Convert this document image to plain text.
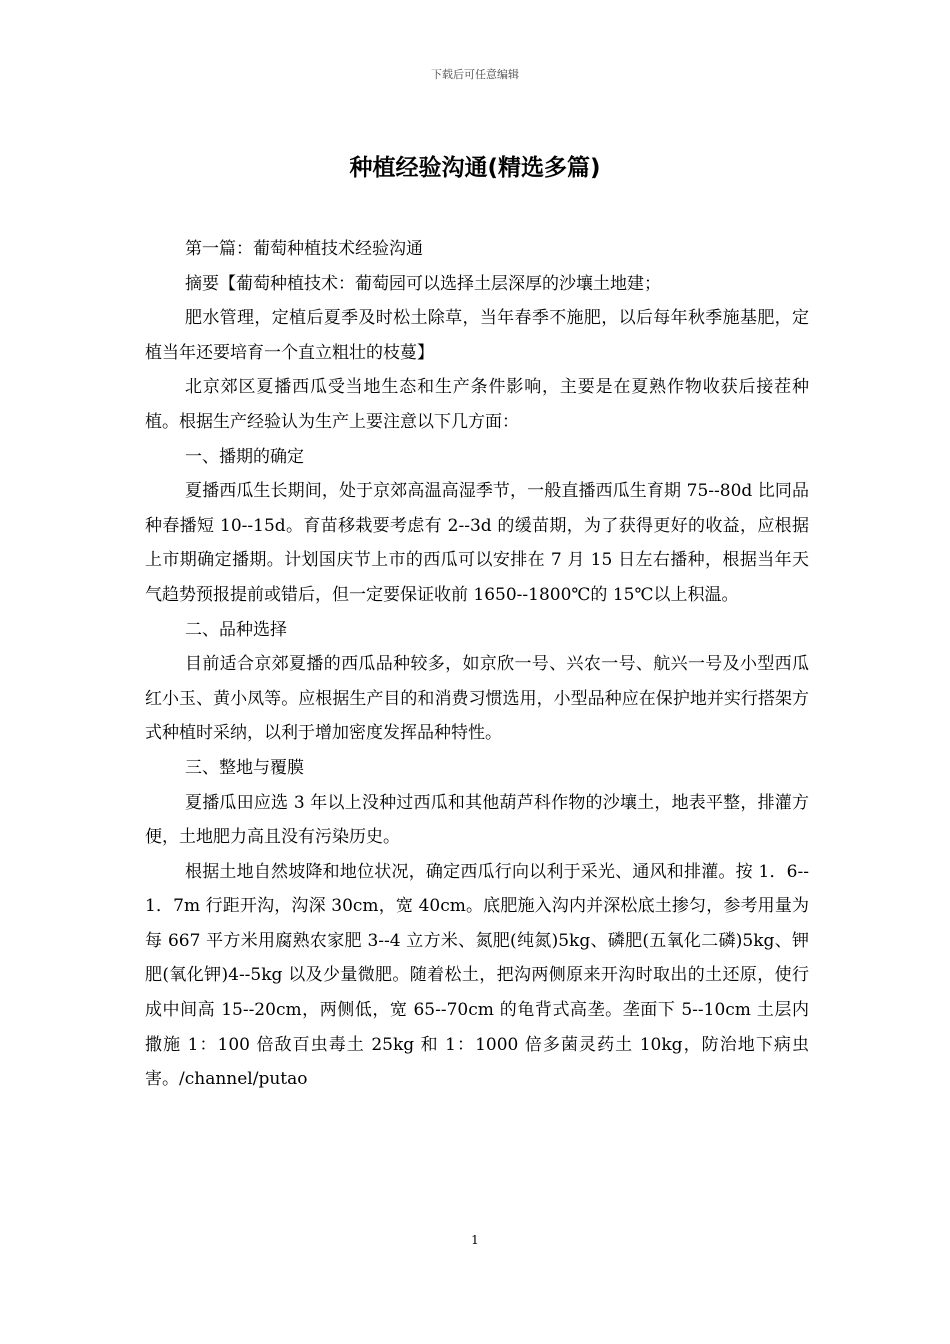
下载后可任意编辑
种植经验沟通(精选多篇)

第一篇：葡萄种植技术经验沟通

摘要【葡萄种植技术：葡萄园可以选择土层深厚的沙壤土地建；

肥水管理，定植后夏季及时松土除草，当年春季不施肥，以后每年秋季施基肥，定植当年还要培育一个直立粗壮的枝蔓】

北京郊区夏播西瓜受当地生态和生产条件影响，主要是在夏熟作物收获后接茬种植。根据生产经验认为生产上要注意以下几方面：

一、播期的确定

夏播西瓜生长期间，处于京郊高温高湿季节，一般直播西瓜生育期 75--80d 比同品种春播短 10--15d。育苗移栽要考虑有 2--3d 的缓苗期，为了获得更好的收益，应根据上市期确定播期。计划国庆节上市的西瓜可以安排在 7 月 15 日左右播种，根据当年天气趋势预报提前或错后，但一定要保证收前 1650--1800℃的 15℃以上积温。

二、品种选择

目前适合京郊夏播的西瓜品种较多，如京欣一号、兴农一号、航兴一号及小型西瓜红小玉、黄小凤等。应根据生产目的和消费习惯选用，小型品种应在保护地并实行搭架方式种植时采纳，以利于增加密度发挥品种特性。

三、整地与覆膜

夏播瓜田应选 3 年以上没种过西瓜和其他葫芦科作物的沙壤土，地表平整，排灌方便，土地肥力高且没有污染历史。

根据土地自然坡降和地位状况，确定西瓜行向以利于采光、通风和排灌。按 1．6--1．7m 行距开沟，沟深 30cm，宽 40cm。底肥施入沟内并深松底土掺匀，参考用量为每 667 平方米用腐熟农家肥 3--4 立方米、氮肥(纯氮)5kg、磷肥(五氧化二磷)5kg、钾肥(氧化钾)4--5kg 以及少量微肥。随着松土，把沟两侧原来开沟时取出的土还原，使行成中间高 15--20cm，两侧低，宽 65--70cm 的龟背式高垄。垄面下 5--10cm 土层内撒施 1：100 倍敌百虫毒土 25kg 和 1：1000 倍多菌灵药土 10kg，防治地下病虫害。/channel/putao

1
